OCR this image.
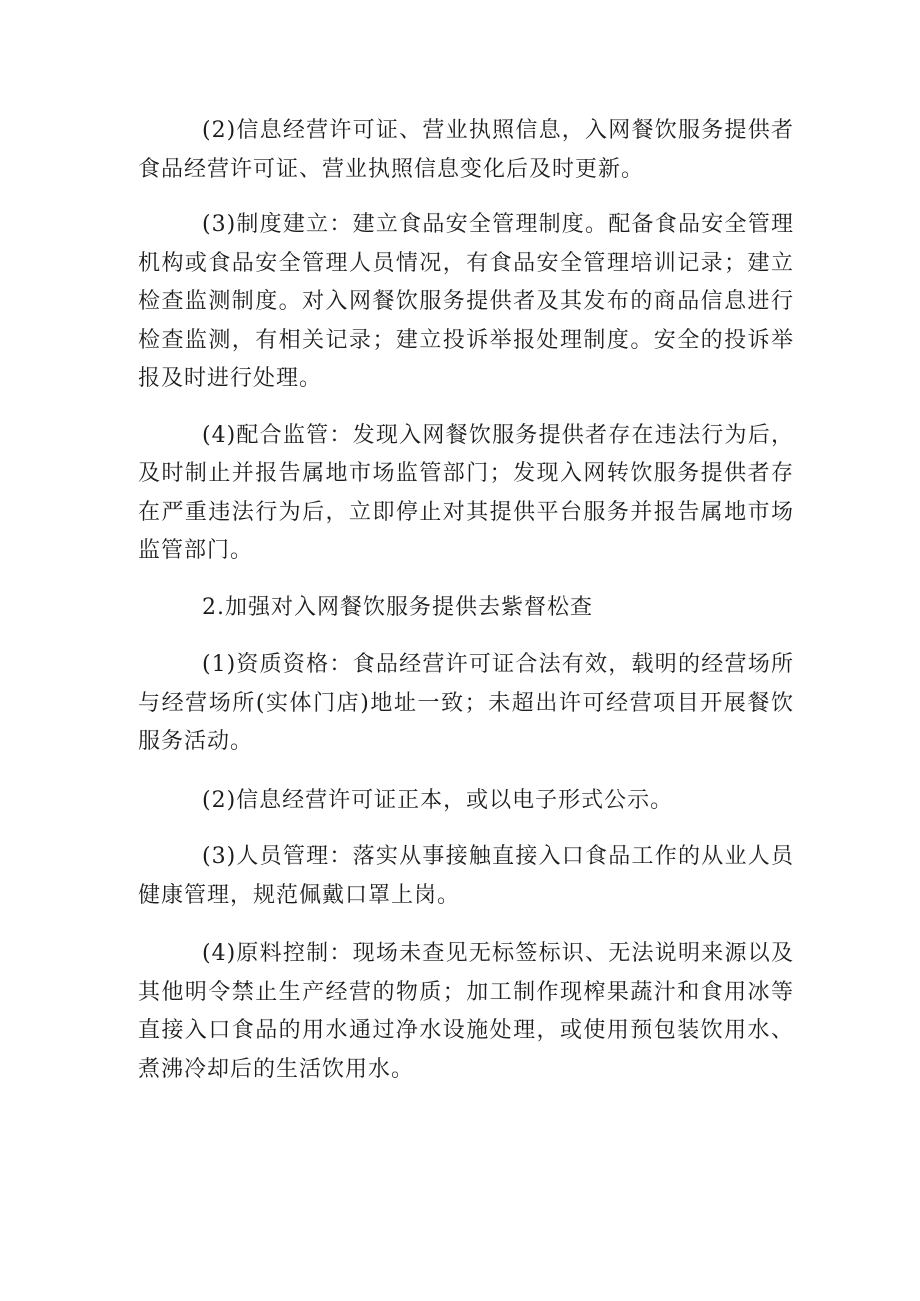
(2)信息经营许可证、营业执照信息，入网餐饮服务提供者食品经营许可证、营业执照信息变化后及时更新。

(3)制度建立：建立食品安全管理制度。配备食品安全管理机构或食品安全管理人员情况，有食品安全管理培训记录；建立检查监测制度。对入网餐饮服务提供者及其发布的商品信息进行检查监测，有相关记录；建立投诉举报处理制度。安全的投诉举报及时进行处理。

(4)配合监管：发现入网餐饮服务提供者存在违法行为后，及时制止并报告属地市场监管部门；发现入网转饮服务提供者存在严重违法行为后，立即停止对其提供平台服务并报告属地市场监管部门。

2.加强对入网餐饮服务提供去紫督松查

(1)资质资格：食品经营许可证合法有效，载明的经营场所与经营场所(实体门店)地址一致；未超出许可经营项目开展餐饮服务活动。

(2)信息经营许可证正本，或以电子形式公示。

(3)人员管理：落实从事接触直接入口食品工作的从业人员健康管理，规范佩戴口罩上岗。

(4)原料控制：现场未查见无标签标识、无法说明来源以及其他明令禁止生产经营的物质；加工制作现榨果蔬汁和食用冰等直接入口食品的用水通过净水设施处理，或使用预包装饮用水、煮沸冷却后的生活饮用水。
